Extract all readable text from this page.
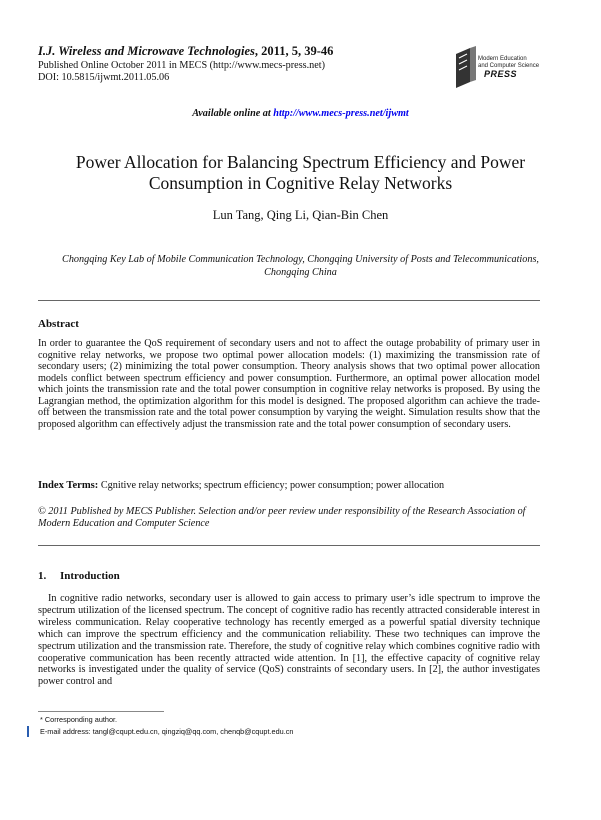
I.J. Wireless and Microwave Technologies, 2011, 5, 39-46
Published Online October 2011 in MECS (http://www.mecs-press.net)
DOI: 10.5815/ijwmt.2011.05.06
Modern Education
and Computer Science
PRESS
Available online at http://www.mecs-press.net/ijwmt
Power Allocation for Balancing Spectrum Efficiency and Power Consumption in Cognitive Relay Networks
Lun Tang, Qing Li, Qian-Bin Chen
Chongqing Key Lab of Mobile Communication Technology, Chongqing University of Posts and Telecommunications, Chongqing China
Abstract
In order to guarantee the QoS requirement of secondary users and not to affect the outage probability of primary user in cognitive relay networks, we propose two optimal power allocation models: (1) maximizing the transmission rate of secondary users; (2) minimizing the total power consumption. Theory analysis shows that two optimal power allocation models conflict between spectrum efficiency and power consumption. Furthermore, an optimal power allocation model which joints the transmission rate and the total power consumption in cognitive relay networks is proposed. By using the Lagrangian method, the optimization algorithm for this model is designed. The proposed algorithm can achieve the trade-off between the transmission rate and the total power consumption by varying the weight. Simulation results show that the proposed algorithm can effectively adjust the transmission rate and the total power consumption of secondary users.
Index Terms: Cgnitive relay networks; spectrum efficiency; power consumption; power allocation
© 2011 Published by MECS Publisher. Selection and/or peer review under responsibility of the Research Association of Modern Education and Computer Science
1. Introduction
In cognitive radio networks, secondary user is allowed to gain access to primary user’s idle spectrum to improve the spectrum utilization of the licensed spectrum. The concept of cognitive radio has recently attracted considerable interest in wireless communication. Relay cooperative technology has recently emerged as a powerful spatial diversity technique which can improve the spectrum efficiency and the communication reliability. These two techniques can improve the spectrum utilization and the transmission rate. Therefore, the study of cognitive relay which combines cognitive radio with cooperative communication has been recently attracted wide attention. In [1], the effective capacity of cognitive relay networks is investigated under the quality of service (QoS) constraints of secondary users. In [2], the author investigates power control and
* Corresponding author.
E-mail address: tangl@cqupt.edu.cn, qingziq@qq.com, chenqb@cqupt.edu.cn
